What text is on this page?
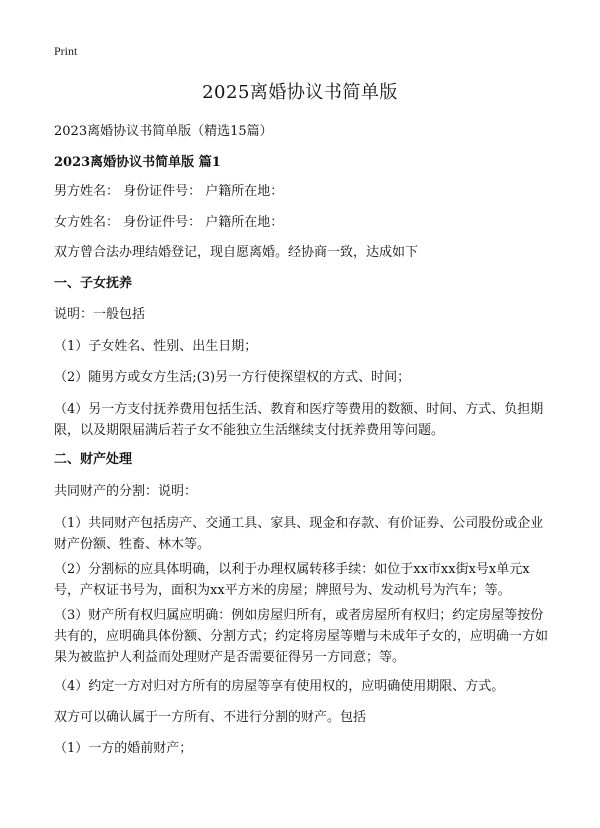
Print
2025离婚协议书简单版
2023离婚协议书简单版（精选15篇）
2023离婚协议书简单版 篇1
男方姓名： 身份证件号： 户籍所在地：
女方姓名： 身份证件号： 户籍所在地：
双方曾合法办理结婚登记，现自愿离婚。经协商一致，达成如下
一、子女抚养
说明：一般包括
（1）子女姓名、性别、出生日期；
（2）随男方或女方生活;(3)另一方行使探望权的方式、时间；
（4）另一方支付抚养费用包括生活、教育和医疗等费用的数额、时间、方式、负担期限，以及期限届满后若子女不能独立生活继续支付抚养费用等问题。
二、财产处理
共同财产的分割：说明：
（1）共同财产包括房产、交通工具、家具、现金和存款、有价证券、公司股份或企业财产份额、牲畜、林木等。
（2）分割标的应具体明确，以利于办理权属转移手续：如位于xx市xx街x号x单元x号，产权证书号为，面积为xx平方米的房屋；牌照号为、发动机号为汽车；等。
（3）财产所有权归属应明确：例如房屋归所有，或者房屋所有权归；约定房屋等按份共有的，应明确具体份额、分割方式；约定将房屋等赠与未成年子女的，应明确一方如果为被监护人利益而处理财产是否需要征得另一方同意；等。
（4）约定一方对归对方所有的房屋等享有使用权的，应明确使用期限、方式。
双方可以确认属于一方所有、不进行分割的财产。包括
（1）一方的婚前财产；
